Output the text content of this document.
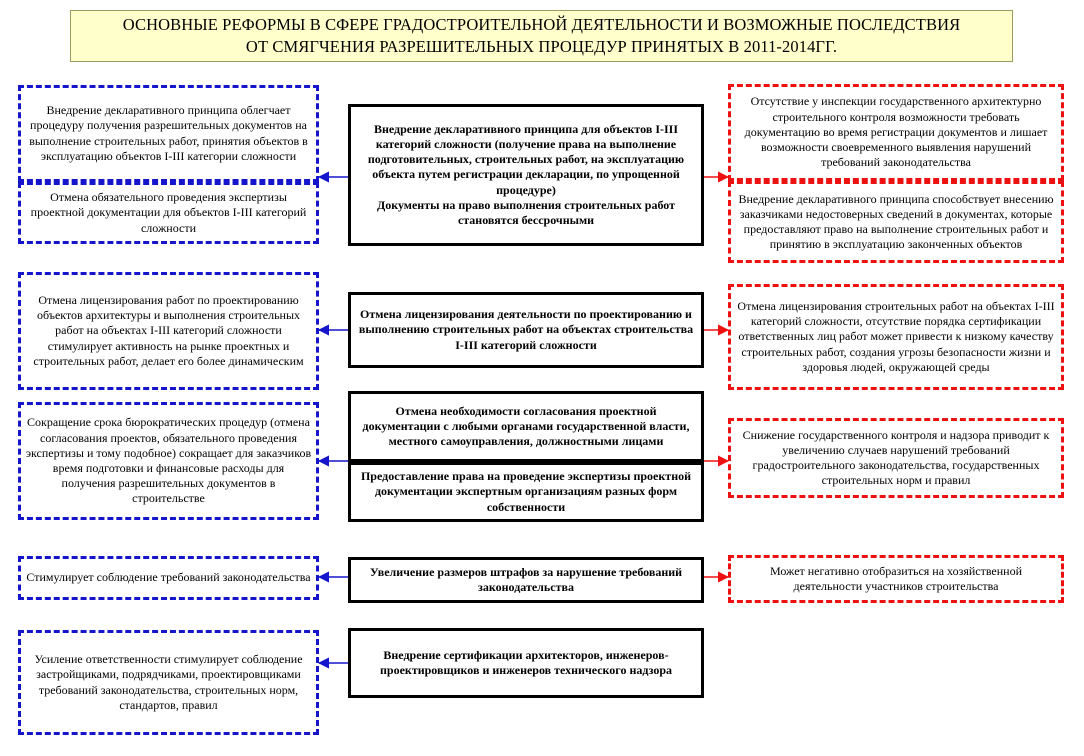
ОСНОВНЫЕ РЕФОРМЫ В СФЕРЕ ГРАДОСТРОИТЕЛЬНОЙ ДЕЯТЕЛЬНОСТИ И ВОЗМОЖНЫЕ ПОСЛЕДСТВИЯ
ОТ СМЯГЧЕНИЯ РАЗРЕШИТЕЛЬНЫХ ПРОЦЕДУР ПРИНЯТЫХ В 2011-2014ГГ.
Внедрение декларативного принципа для объектов I-III категорий сложности (получение права на выполнение подготовительных, строительных работ, на эксплуатацию объекта путем регистрации декларации, по упрощенной процедуре)
Документы на право выполнения строительных работ становятся бессрочными
Отмена лицензирования деятельности по проектированию и выполнению строительных работ на объектах строительства I-III категорий сложности
Отмена необходимости согласования проектной документации с любыми органами государственной власти, местного самоуправления, должностными лицами
Предоставление права на проведение экспертизы проектной документации экспертным организациям разных форм собственности
Увеличение размеров штрафов за нарушение требований законодательства
Внедрение сертификации архитекторов, инженеров-проектировщиков и инженеров технического надзора
Внедрение декларативного принципа облегчает процедуру получения разрешительных документов на выполнение строительных работ, принятия объектов в эксплуатацию объектов I-III категории сложности
Отмена обязательного проведения экспертизы проектной документации для объектов I-III категорий сложности
Отмена лицензирования работ по проектированию объектов архитектуры и выполнения строительных работ на объектах I-III категорий сложности стимулирует активность на рынке проектных и строительных работ, делает его более динамическим
Сокращение срока бюрократических процедур (отмена согласования проектов, обязательного проведения экспертизы и тому подобное) сокращает для заказчиков время подготовки и финансовые расходы для получения разрешительных документов в строительстве
Стимулирует соблюдение требований законодательства
Усиление ответственности стимулирует соблюдение застройщиками, подрядчиками, проектировщиками требований законодательства, строительных норм, стандартов, правил
Отсутствие у инспекции государственного архитектурно строительного контроля возможности требовать документацию во время регистрации документов и лишает возможности своевременного выявления нарушений требований законодательства
Внедрение декларативного принципа способствует внесению заказчиками недостоверных сведений в документах, которые предоставляют право на выполнение строительных работ и принятию в эксплуатацию законченных объектов
Отмена лицензирования строительных работ на объектах I-III категорий сложности, отсутствие порядка сертификации ответственных лиц работ может привести к низкому качеству строительных работ, создания угрозы безопасности жизни и здоровья людей, окружающей среды
Снижение государственного контроля и надзора приводит к увеличению случаев нарушений требований градостроительного законодательства, государственных строительных норм и правил
Может негативно отобразиться на хозяйственной деятельности участников строительства
